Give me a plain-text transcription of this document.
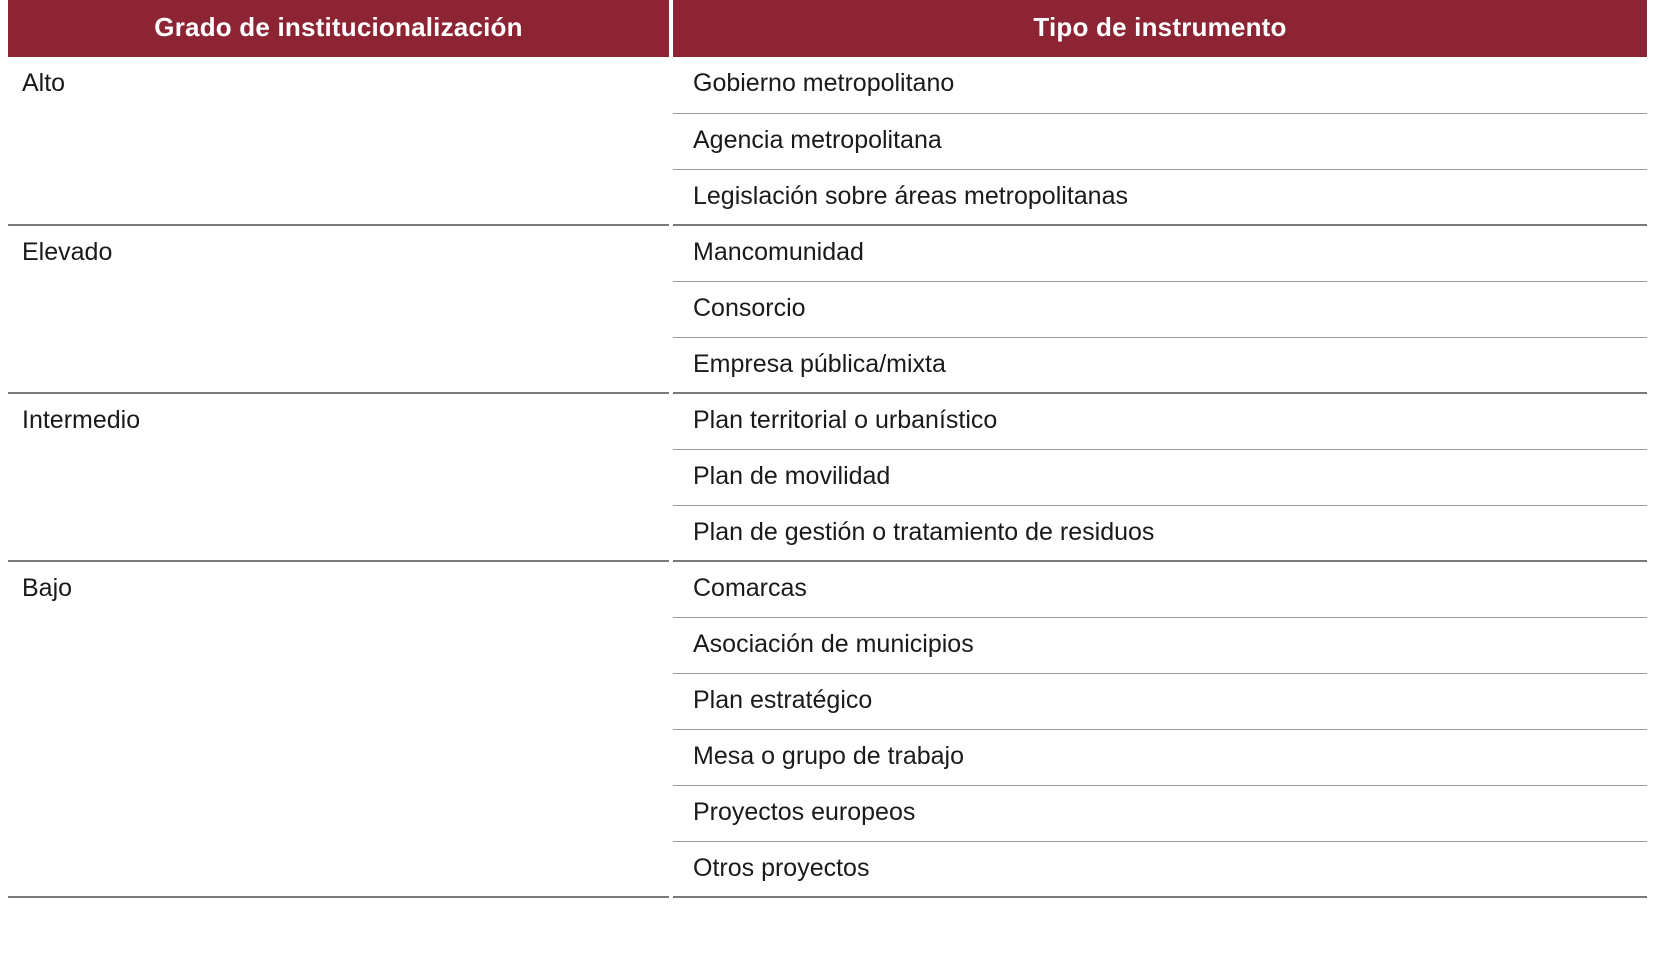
Grado de institucionalización	Tipo de instrumento
Alto	Gobierno metropolitano
	Agencia metropolitana
	Legislación sobre áreas metropolitanas
Elevado	Mancomunidad
	Consorcio
	Empresa pública/mixta
Intermedio	Plan territorial o urbanístico
	Plan de movilidad
	Plan de gestión o tratamiento de residuos
Bajo	Comarcas
	Asociación de municipios
	Plan estratégico
	Mesa o grupo de trabajo
	Proyectos europeos
	Otros proyectos
